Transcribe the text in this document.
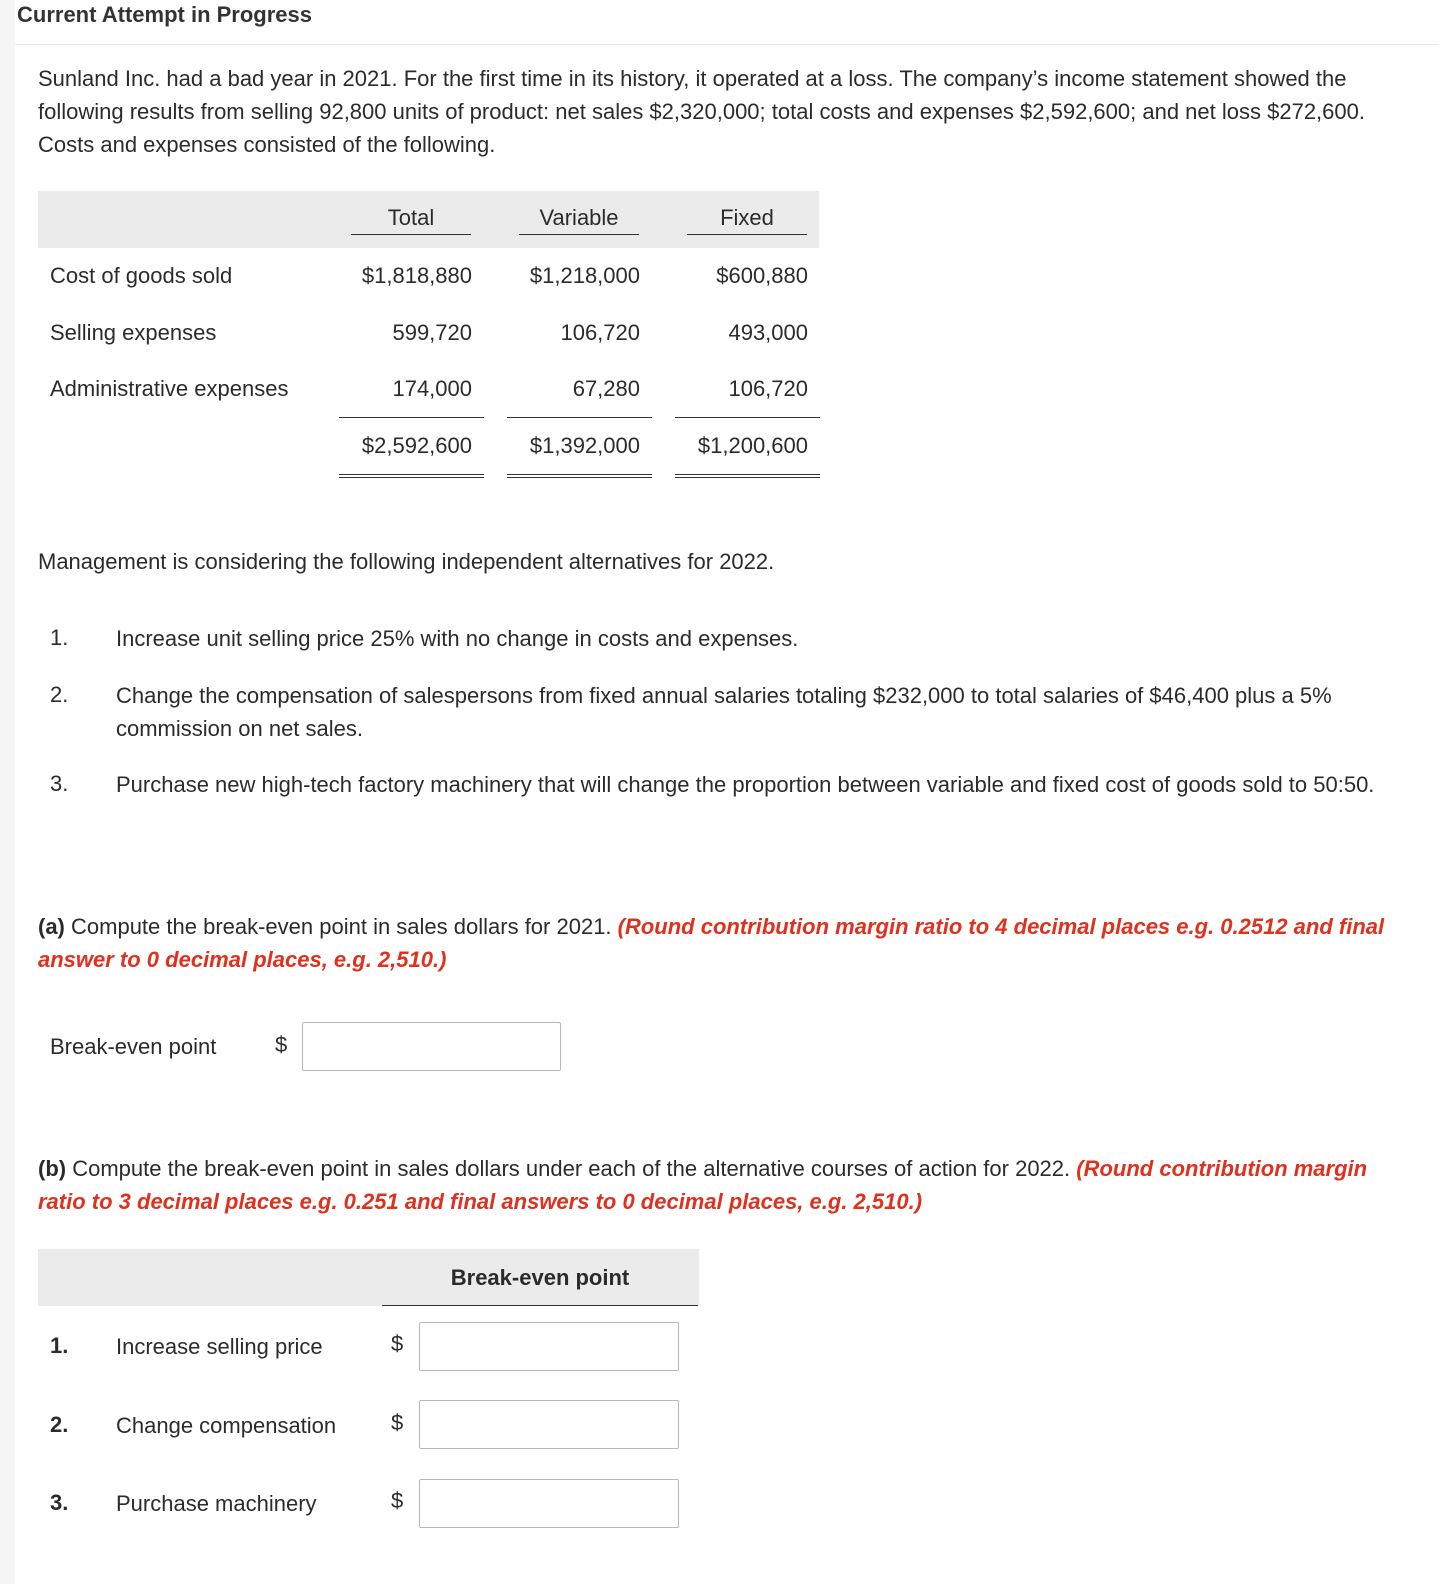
Current Attempt in Progress
Sunland Inc. had a bad year in 2021. For the first time in its history, it operated at a loss. The company’s income statement showed the following results from selling 92,800 units of product: net sales $2,320,000; total costs and expenses $2,592,600; and net loss $272,600. Costs and expenses consisted of the following.
Total	Variable	Fixed
Cost of goods sold	$1,818,880	$1,218,000	$600,880
Selling expenses	599,720	106,720	493,000
Administrative expenses	174,000	67,280	106,720
$2,592,600	$1,392,000	$1,200,600
Management is considering the following independent alternatives for 2022.
1. Increase unit selling price 25% with no change in costs and expenses.
2. Change the compensation of salespersons from fixed annual salaries totaling $232,000 to total salaries of $46,400 plus a 5% commission on net sales.
3. Purchase new high-tech factory machinery that will change the proportion between variable and fixed cost of goods sold to 50:50.
(a) Compute the break-even point in sales dollars for 2021. (Round contribution margin ratio to 4 decimal places e.g. 0.2512 and final answer to 0 decimal places, e.g. 2,510.)
Break-even point	$
(b) Compute the break-even point in sales dollars under each of the alternative courses of action for 2022. (Round contribution margin ratio to 3 decimal places e.g. 0.251 and final answers to 0 decimal places, e.g. 2,510.)
Break-even point
1. Increase selling price	$
2. Change compensation	$
3. Purchase machinery	$
